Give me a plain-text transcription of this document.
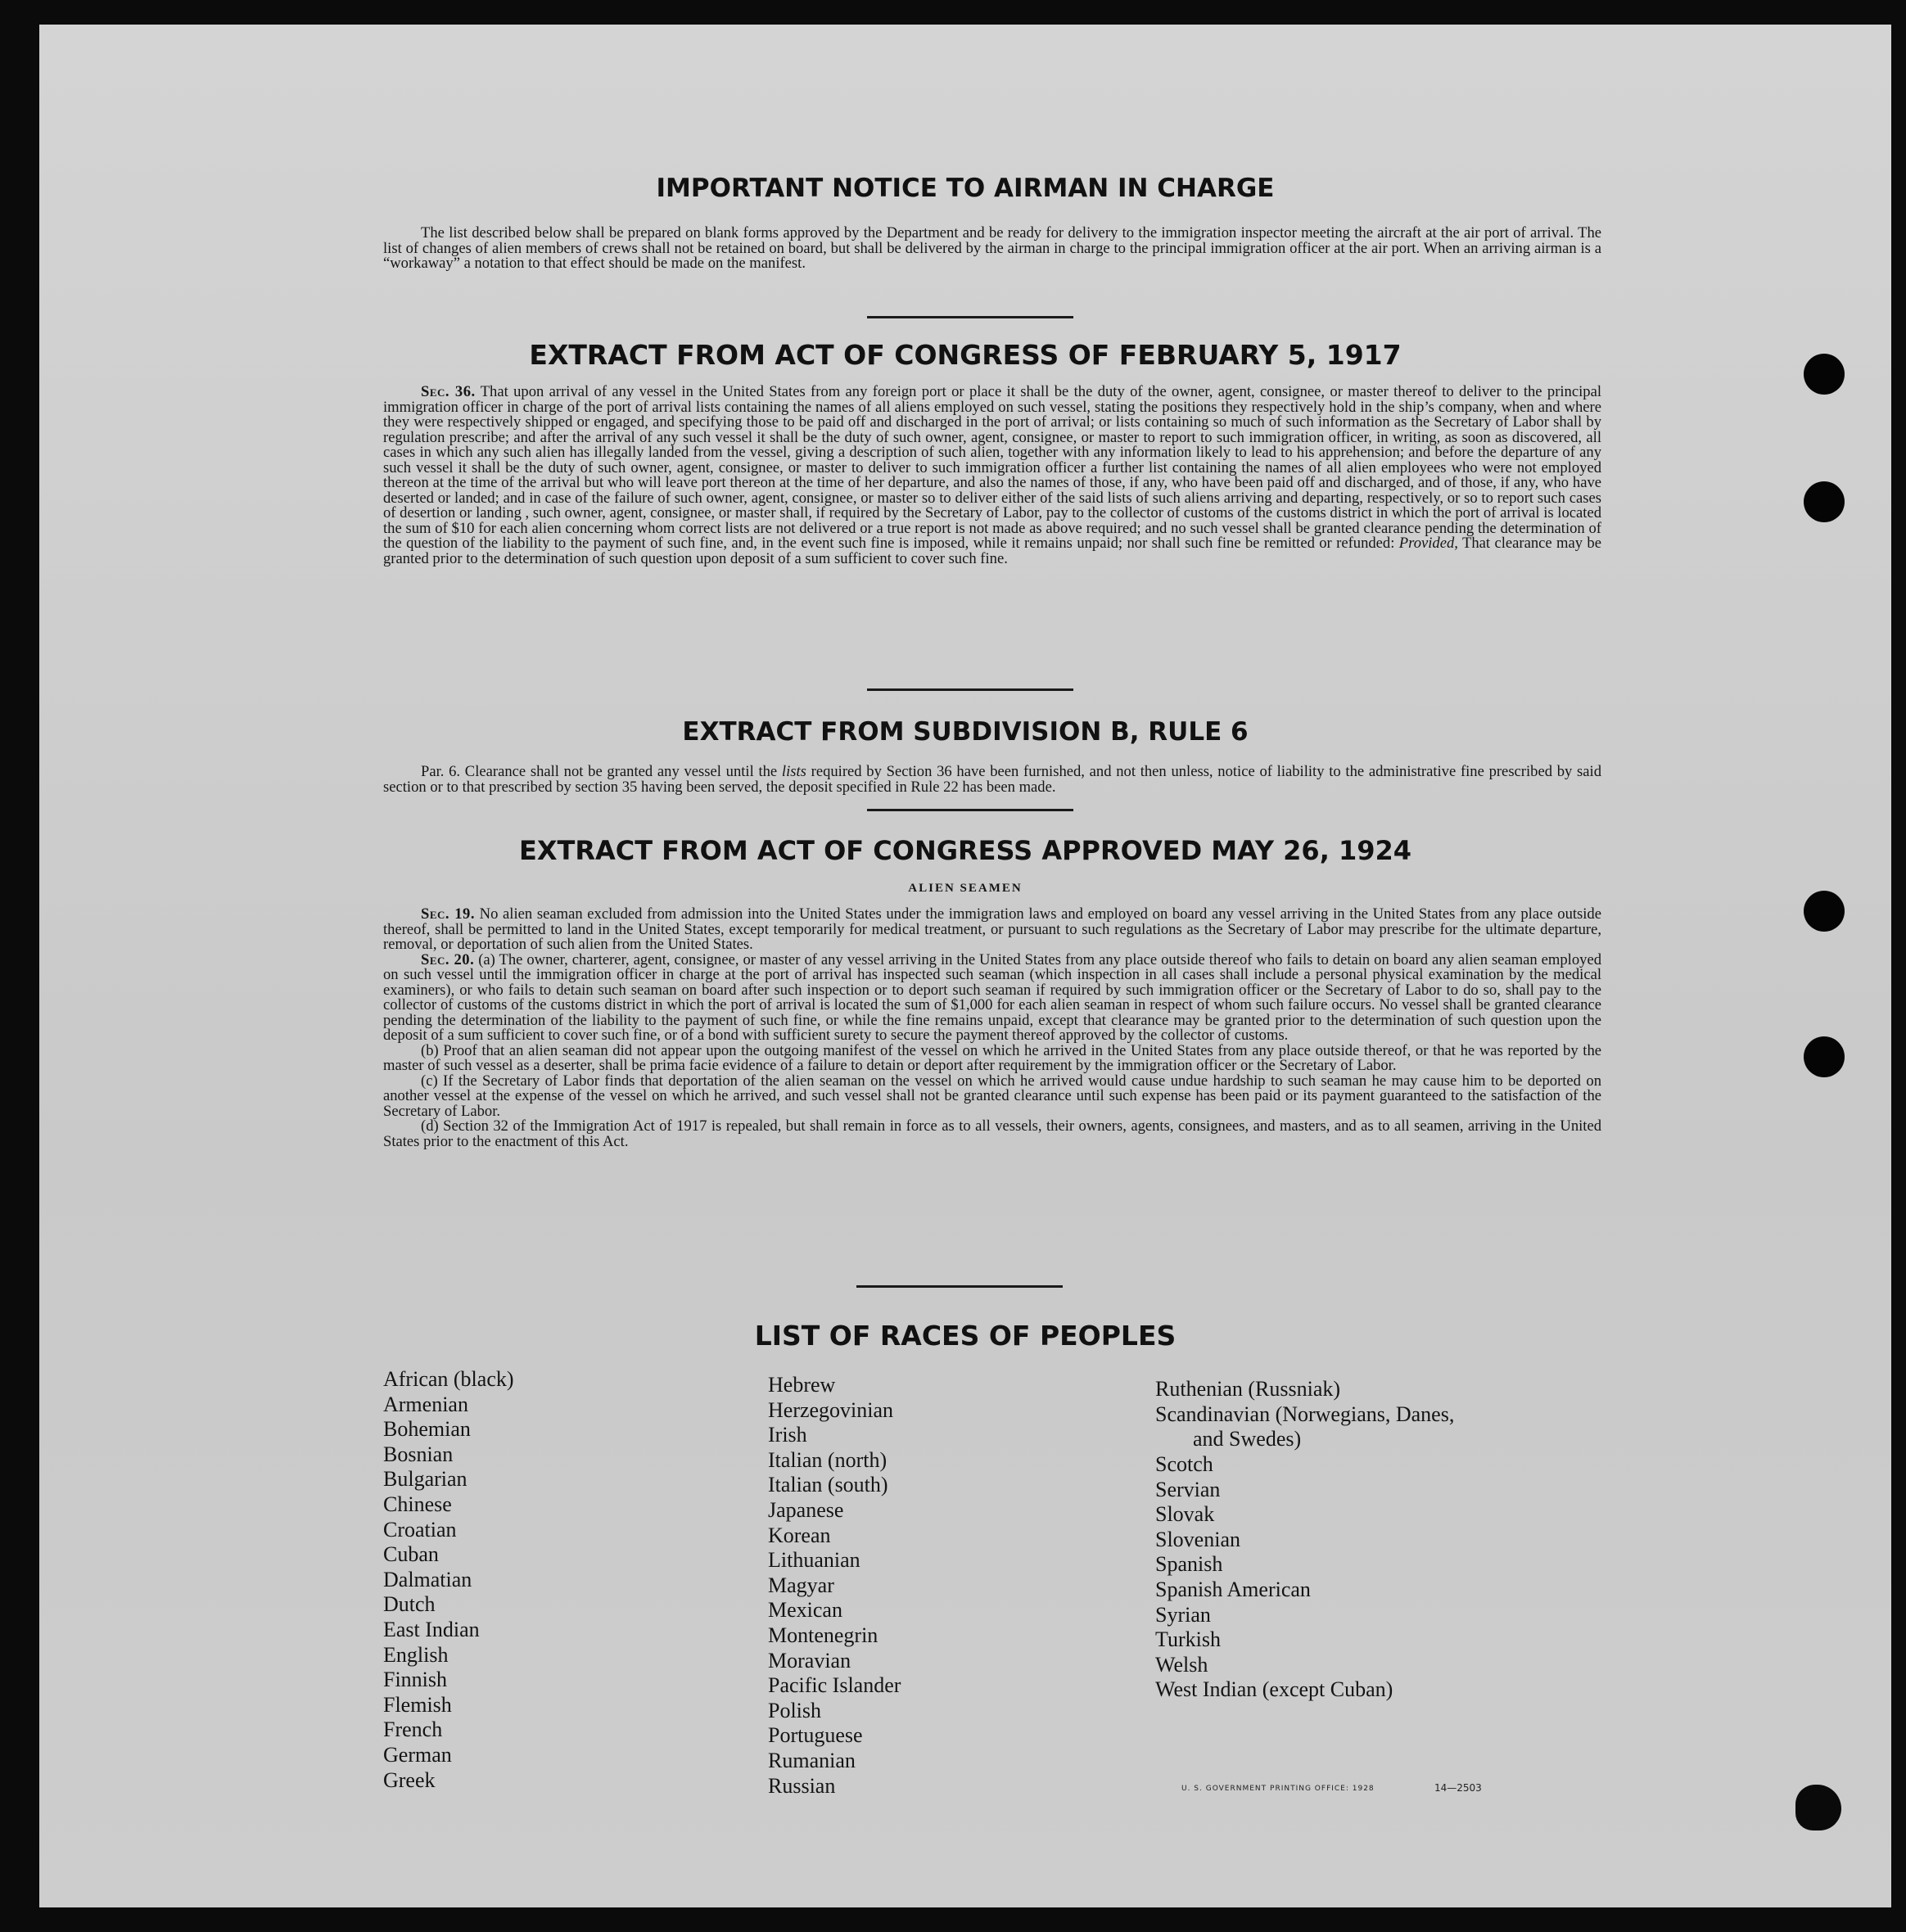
IMPORTANT NOTICE TO AIRMAN IN CHARGE

The list described below shall be prepared on blank forms approved by the Department and be ready for delivery to the immigration inspector meeting the aircraft at the air port of arrival. The list of changes of alien members of crews shall not be retained on board, but shall be delivered by the airman in charge to the principal immigration officer at the air port. When an arriving airman is a “workaway” a notation to that effect should be made on the manifest.

EXTRACT FROM ACT OF CONGRESS OF FEBRUARY 5, 1917

Sec. 36. That upon arrival of any vessel in the United States from any foreign port or place it shall be the duty of the owner, agent, consignee, or master thereof to deliver to the principal immigration officer in charge of the port of arrival lists containing the names of all aliens employed on such vessel, stating the positions they respectively hold in the ship’s company, when and where they were respectively shipped or engaged, and specifying those to be paid off and discharged in the port of arrival; or lists containing so much of such information as the Secretary of Labor shall by regulation prescribe; and after the arrival of any such vessel it shall be the duty of such owner, agent, consignee, or master to report to such immigration officer, in writing, as soon as discovered, all cases in which any such alien has illegally landed from the vessel, giving a description of such alien, together with any information likely to lead to his apprehension; and before the departure of any such vessel it shall be the duty of such owner, agent, consignee, or master to deliver to such immigration officer a further list containing the names of all alien employees who were not employed thereon at the time of the arrival but who will leave port thereon at the time of her departure, and also the names of those, if any, who have been paid off and discharged, and of those, if any, who have deserted or landed; and in case of the failure of such owner, agent, consignee, or master so to deliver either of the said lists of such aliens arriving and departing, respectively, or so to report such cases of desertion or landing , such owner, agent, consignee, or master shall, if required by the Secretary of Labor, pay to the collector of customs of the customs district in which the port of arrival is located the sum of $10 for each alien concerning whom correct lists are not delivered or a true report is not made as above required; and no such vessel shall be granted clearance pending the determination of the question of the liability to the payment of such fine, and, in the event such fine is imposed, while it remains unpaid; nor shall such fine be remitted or refunded: Provided, That clearance may be granted prior to the determination of such question upon deposit of a sum sufficient to cover such fine.

EXTRACT FROM SUBDIVISION B, RULE 6

Par. 6. Clearance shall not be granted any vessel until the lists required by Section 36 have been furnished, and not then unless, notice of liability to the administrative fine prescribed by said section or to that prescribed by section 35 having been served, the deposit specified in Rule 22 has been made.

EXTRACT FROM ACT OF CONGRESS APPROVED MAY 26, 1924
ALIEN SEAMEN

Sec. 19. No alien seaman excluded from admission into the United States under the immigration laws and employed on board any vessel arriving in the United States from any place outside thereof, shall be permitted to land in the United States, except temporarily for medical treatment, or pursuant to such regulations as the Secretary of Labor may prescribe for the ultimate departure, removal, or deportation of such alien from the United States.

Sec. 20. (a) The owner, charterer, agent, consignee, or master of any vessel arriving in the United States from any place outside thereof who fails to detain on board any alien seaman employed on such vessel until the immigration officer in charge at the port of arrival has inspected such seaman (which inspection in all cases shall include a personal physical examination by the medical examiners), or who fails to detain such seaman on board after such inspection or to deport such seaman if required by such immigration officer or the Secretary of Labor to do so, shall pay to the collector of customs of the customs district in which the port of arrival is located the sum of $1,000 for each alien seaman in respect of whom such failure occurs. No vessel shall be granted clearance pending the determination of the liability to the payment of such fine, or while the fine remains unpaid, except that clearance may be granted prior to the determination of such question upon the deposit of a sum sufficient to cover such fine, or of a bond with sufficient surety to secure the payment thereof approved by the collector of customs.

(b) Proof that an alien seaman did not appear upon the outgoing manifest of the vessel on which he arrived in the United States from any place outside thereof, or that he was reported by the master of such vessel as a deserter, shall be prima facie evidence of a failure to detain or deport after requirement by the immigration officer or the Secretary of Labor.

(c) If the Secretary of Labor finds that deportation of the alien seaman on the vessel on which he arrived would cause undue hardship to such seaman he may cause him to be deported on another vessel at the expense of the vessel on which he arrived, and such vessel shall not be granted clearance until such expense has been paid or its payment guaranteed to the satisfaction of the Secretary of Labor.

(d) Section 32 of the Immigration Act of 1917 is repealed, but shall remain in force as to all vessels, their owners, agents, consignees, and masters, and as to all seamen, arriving in the United States prior to the enactment of this Act.

LIST OF RACES OF PEOPLES
African (black)
Armenian
Bohemian
Bosnian
Bulgarian
Chinese
Croatian
Cuban
Dalmatian
Dutch
East Indian
English
Finnish
Flemish
French
German
Greek
Hebrew
Herzegovinian
Irish
Italian (north)
Italian (south)
Japanese
Korean
Lithuanian
Magyar
Mexican
Montenegrin
Moravian
Pacific Islander
Polish
Portuguese
Rumanian
Russian
Ruthenian (Russniak)
Scandinavian (Norwegians, Danes,
and Swedes)
Scotch
Servian
Slovak
Slovenian
Spanish
Spanish American
Syrian
Turkish
Welsh
West Indian (except Cuban)
U. S. GOVERNMENT PRINTING OFFICE: 1928	14—2503
